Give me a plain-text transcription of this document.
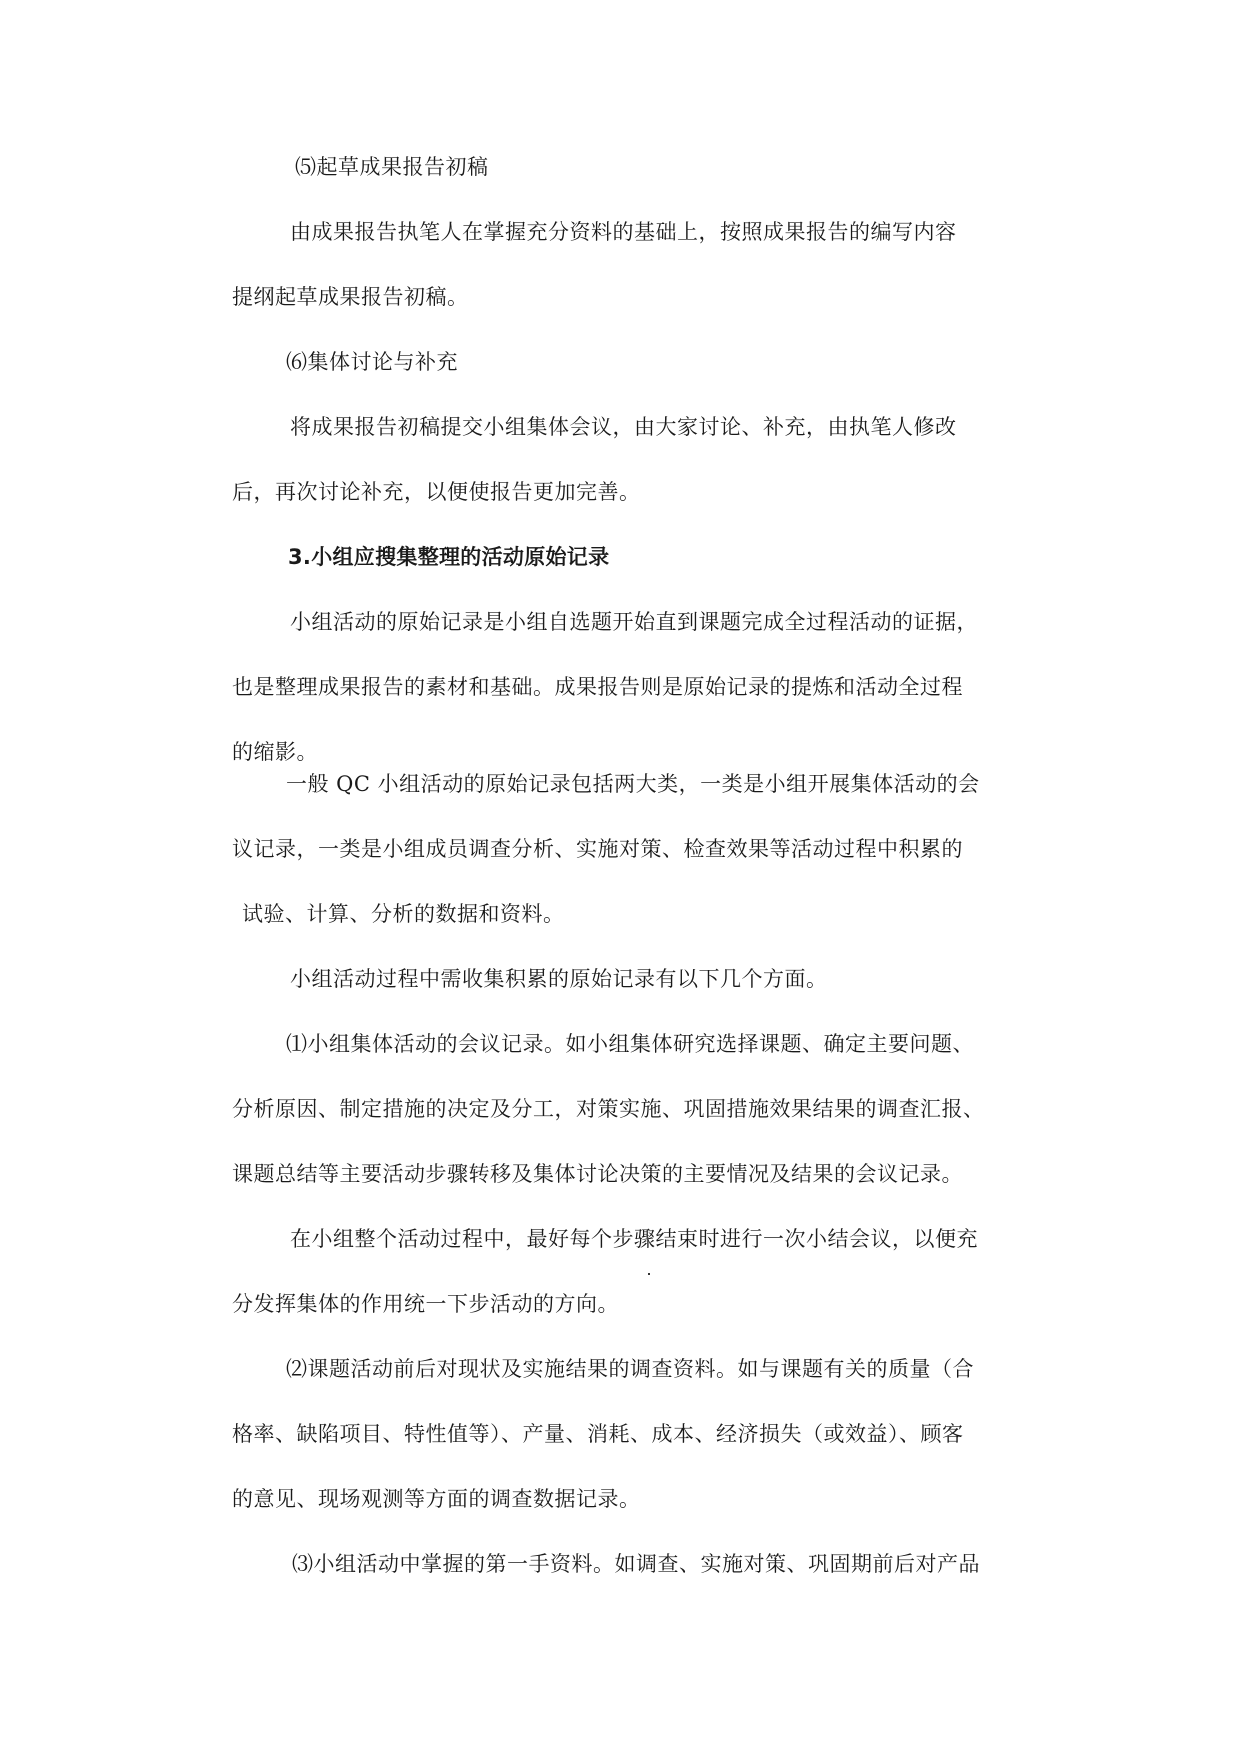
⑸起草成果报告初稿
由成果报告执笔人在掌握充分资料的基础上，按照成果报告的编写内容
提纲起草成果报告初稿。
⑹集体讨论与补充
将成果报告初稿提交小组集体会议，由大家讨论、补充，由执笔人修改
后，再次讨论补充，以便使报告更加完善。
3.小组应搜集整理的活动原始记录
小组活动的原始记录是小组自选题开始直到课题完成全过程活动的证据，
也是整理成果报告的素材和基础。成果报告则是原始记录的提炼和活动全过程
的缩影。
一般 QC 小组活动的原始记录包括两大类，一类是小组开展集体活动的会
议记录，一类是小组成员调查分析、实施对策、检查效果等活动过程中积累的
试验、计算、分析的数据和资料。
小组活动过程中需收集积累的原始记录有以下几个方面。
⑴小组集体活动的会议记录。如小组集体研究选择课题、确定主要问题、
分析原因、制定措施的决定及分工，对策实施、巩固措施效果结果的调查汇报、
课题总结等主要活动步骤转移及集体讨论决策的主要情况及结果的会议记录。
在小组整个活动过程中，最好每个步骤结束时进行一次小结会议，以便充
分发挥集体的作用统一下步活动的方向。
⑵课题活动前后对现状及实施结果的调查资料。如与课题有关的质量（合
格率、缺陷项目、特性值等）、产量、消耗、成本、经济损失（或效益）、顾客
的意见、现场观测等方面的调查数据记录。
⑶小组活动中掌握的第一手资料。如调查、实施对策、巩固期前后对产品
